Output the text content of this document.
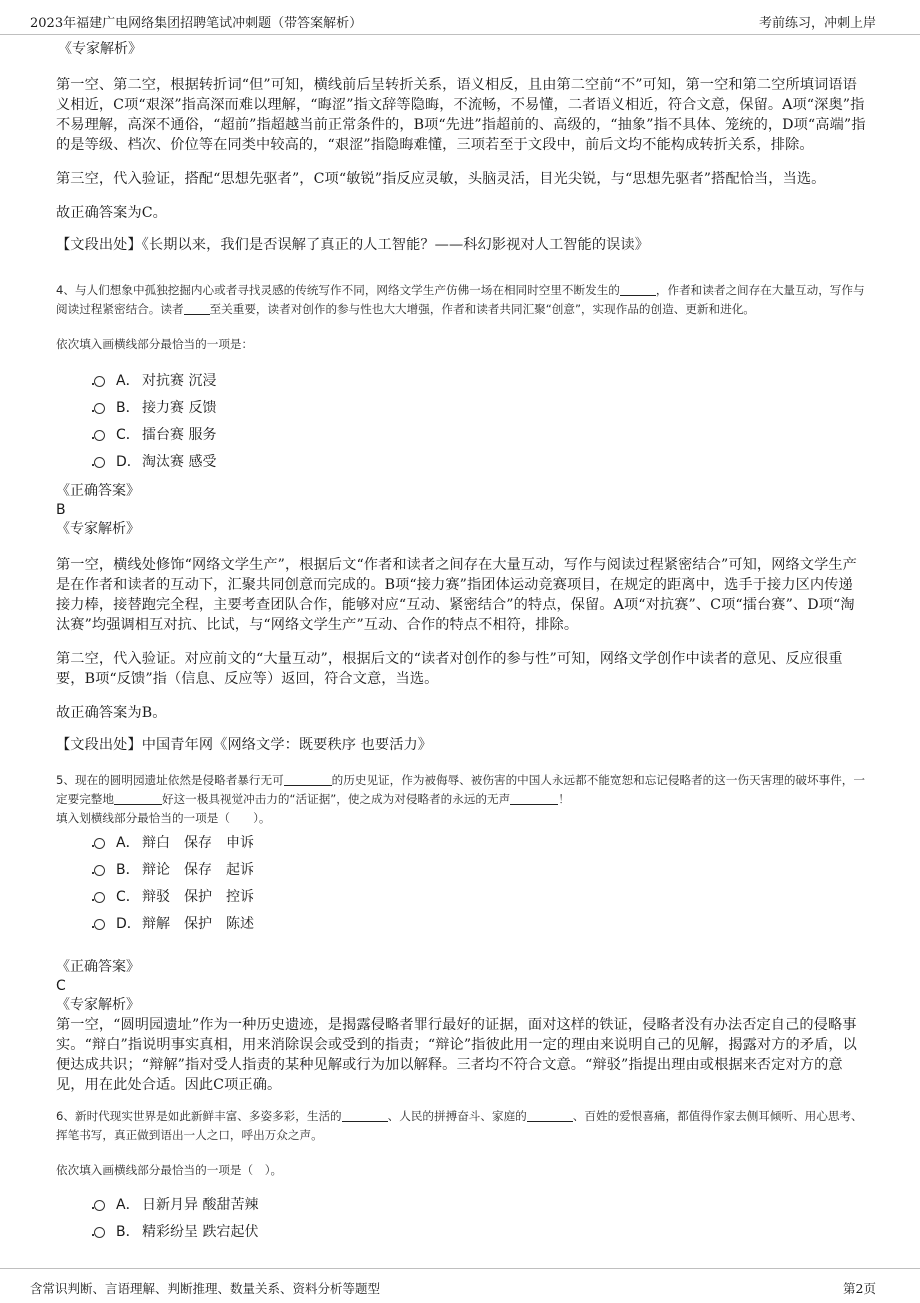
2023年福建广电网络集团招聘笔试冲刺题（带答案解析）	考前练习，冲刺上岸

《专家解析》

第一空、第二空，根据转折词“但”可知，横线前后呈转折关系，语义相反，且由第二空前“不”可知，第一空和第二空所填词语语义相近，C项“艰深”指高深而难以理解，“晦涩”指文辞等隐晦，不流畅，不易懂，二者语义相近，符合文意，保留。A项“深奥”指不易理解，高深不通俗，“超前”指超越当前正常条件的，B项“先进”指超前的、高级的，“抽象”指不具体、笼统的，D项“高端”指的是等级、档次、价位等在同类中较高的，“艰涩”指隐晦难懂，三项若至于文段中，前后文均不能构成转折关系，排除。

第三空，代入验证，搭配“思想先驱者”，C项“敏锐”指反应灵敏，头脑灵活，目光尖锐，与“思想先驱者”搭配恰当，当选。

故正确答案为C。

【文段出处】《长期以来，我们是否误解了真正的人工智能？——科幻影视对人工智能的误读》

4、与人们想象中孤独挖掘内心或者寻找灵感的传统写作不同，网络文学生产仿佛一场在相同时空里不断发生的	，作者和读者之间存在大量互动，写作与阅读过程紧密结合。读者 至关重要，读者对创作的参与性也大大增强，作者和读者共同汇聚“创意”，实现作品的创造、更新和进化。

依次填入画横线部分最恰当的一项是：

A． 对抗赛 沉浸
B． 接力赛 反馈
C． 擂台赛 服务
D．淘汰赛 感受

《正确答案》

B

《专家解析》

第一空，横线处修饰“网络文学生产”，根据后文“作者和读者之间存在大量互动，写作与阅读过程紧密结合”可知，网络文学生产是在作者和读者的互动下，汇聚共同创意而完成的。B项“接力赛”指团体运动竞赛项目，在规定的距离中，选手于接力区内传递接力棒，接替跑完全程，主要考查团队合作，能够对应“互动、紧密结合”的特点，保留。A项“对抗赛”、C项“擂台赛”、D项“淘汰赛”均强调相互对抗、比试，与“网络文学生产”互动、合作的特点不相符，排除。

第二空，代入验证。对应前文的“大量互动”，根据后文的“读者对创作的参与性”可知，网络文学创作中读者的意见、反应很重要，B项“反馈”指（信息、反应等）返回，符合文意，当选。

故正确答案为B。

【文段出处】中国青年网《网络文学：既要秩序 也要活力》

5、现在的圆明园遗址依然是侵略者暴行无可	的历史见证，作为被侮辱、被伤害的中国人永远都不能宽恕和忘记侵略者的这一伤天害理的破坏事件，一定要完整地	好这一极具视觉冲击力的“活证据”，使之成为对侵略者的永远的无声	！

填入划横线部分最恰当的一项是（　　）。

A． 辩白 保存 申诉
B． 辩论 保存 起诉
C． 辩驳 保护 控诉
D．辩解 保护 陈述

《正确答案》

C

《专家解析》

第一空，“圆明园遗址”作为一种历史遗迹，是揭露侵略者罪行最好的证据，面对这样的铁证，侵略者没有办法否定自己的侵略事实。“辩白”指说明事实真相，用来消除误会或受到的指责；“辩论”指彼此用一定的理由来说明自己的见解，揭露对方的矛盾，以便达成共识；“辩解”指对受人指责的某种见解或行为加以解释。三者均不符合文意。“辩驳”指提出理由或根据来否定对方的意见，用在此处合适。因此C项正确。

6、新时代现实世界是如此新鲜丰富、多姿多彩，生活的	、人民的拼搏奋斗、家庭的	、百姓的爱恨喜痛，都值得作家去侧耳倾听、用心思考、挥笔书写，真正做到语出一人之口，呼出万众之声。

依次填入画横线部分最恰当的一项是（　）。

A． 日新月异 酸甜苦辣
B． 精彩纷呈 跌宕起伏
含常识判断、言语理解、判断推理、数量关系、资料分析等题型	第2页
